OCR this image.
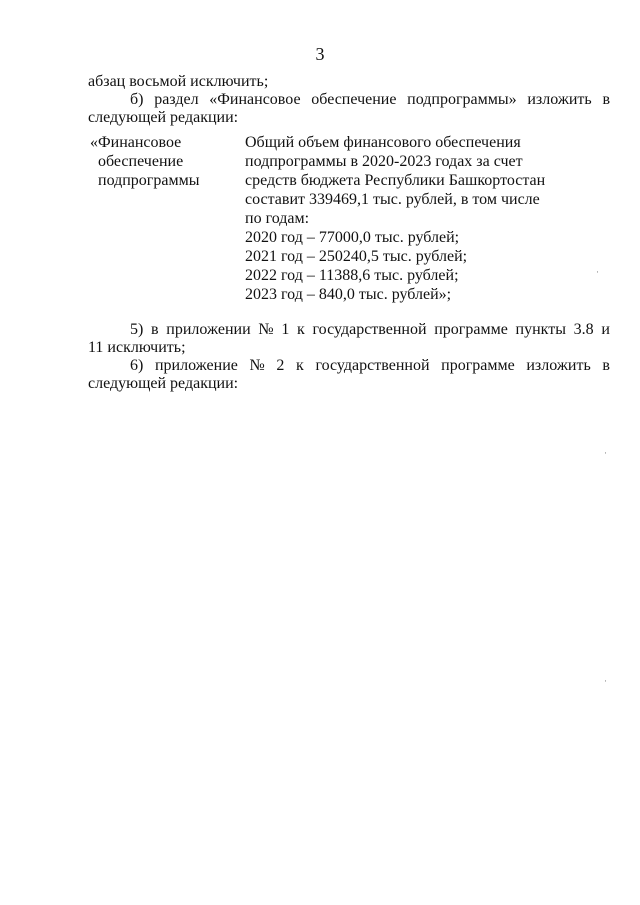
3
абзац восьмой исключить;
б) раздел «Финансовое обеспечение подпрограммы» изложить в
следующей редакции:
«Финансовое
обеспечение
подпрограммы
Общий объем финансового обеспечения
подпрограммы в 2020-2023 годах за счет
средств бюджета Республики Башкортостан
составит 339469,1 тыс. рублей, в том числе
по годам:
2020 год – 77000,0 тыс. рублей;
2021 год – 250240,5 тыс. рублей;
2022 год – 11388,6 тыс. рублей;
2023 год – 840,0 тыс. рублей»;
5) в приложении № 1 к государственной программе пункты 3.8 и
11 исключить;
6) приложение № 2 к государственной программе изложить в
следующей редакции:
·
·
·
